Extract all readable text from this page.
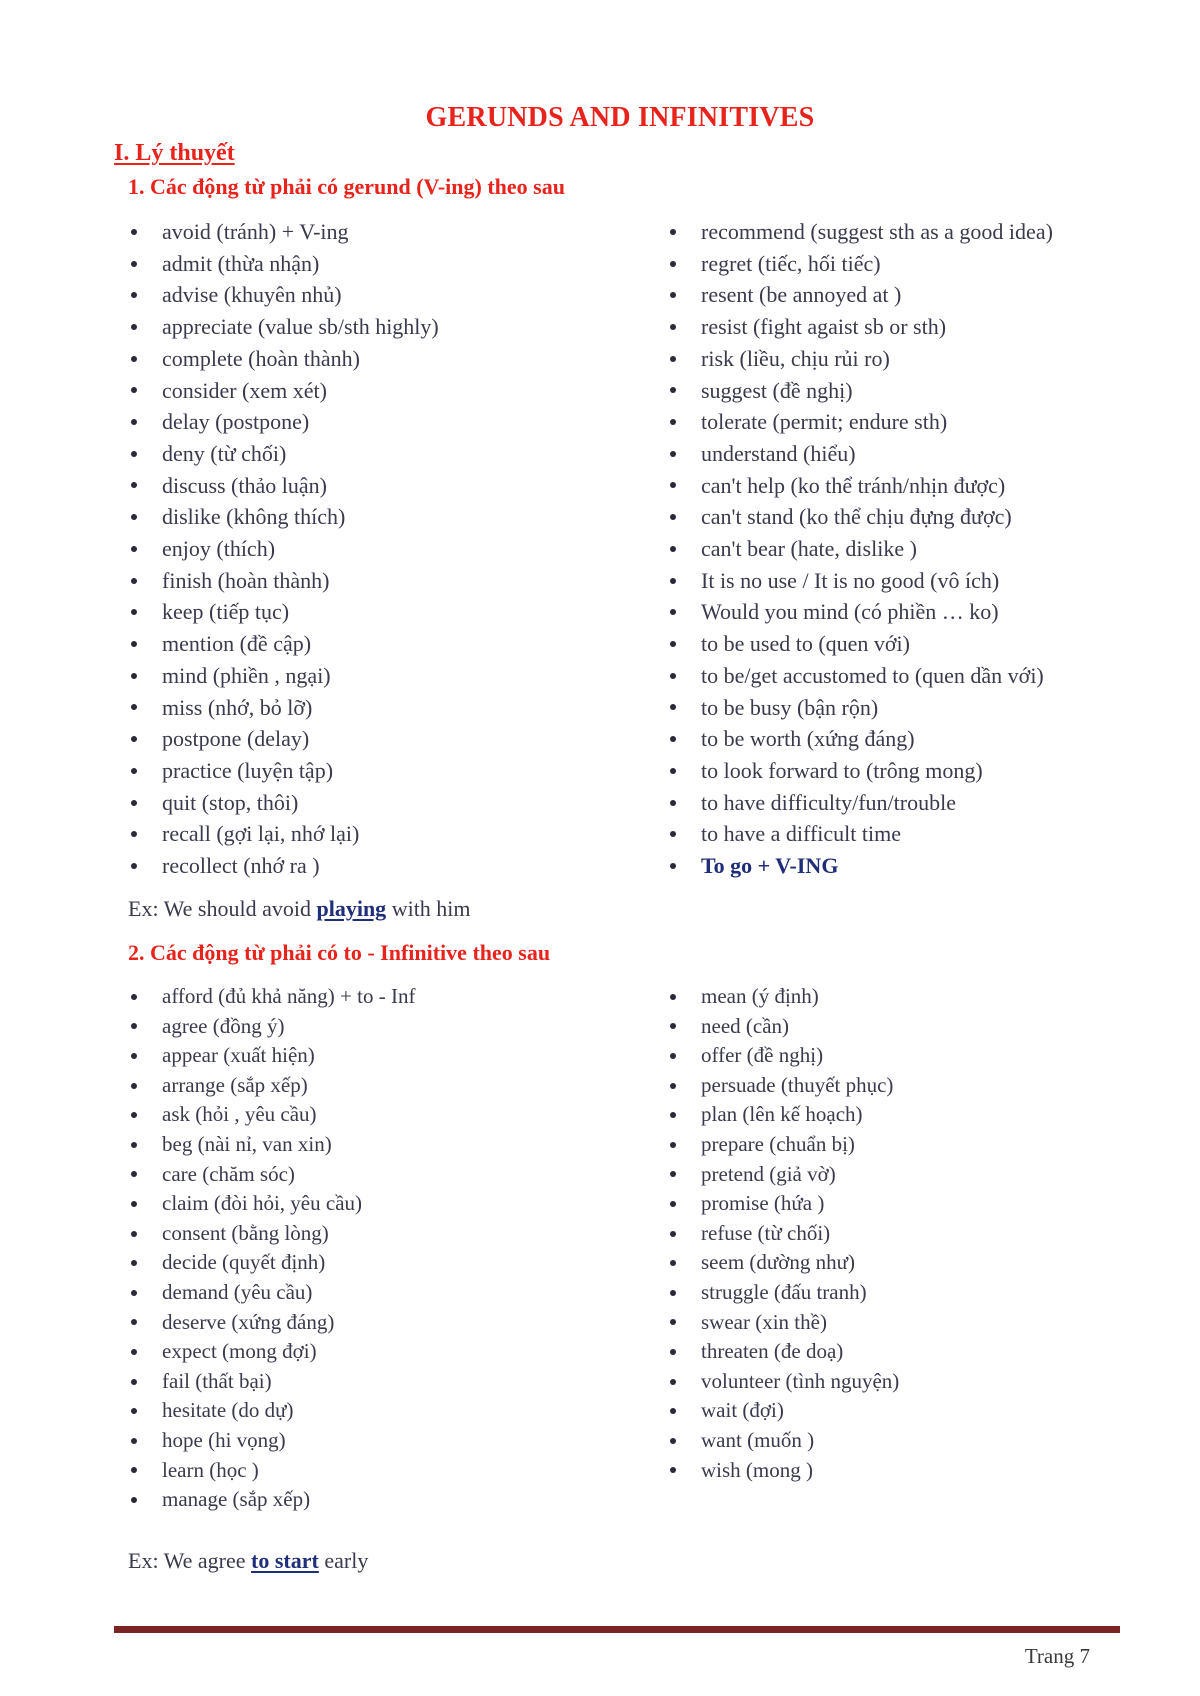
GERUNDS AND INFINITIVES
I. Lý thuyết
1. Các động từ phải có gerund (V-ing) theo sau
avoid (tránh) + V-ing
admit (thừa nhận)
advise (khuyên nhủ)
appreciate (value sb/sth highly)
complete (hoàn thành)
consider (xem xét)
delay (postpone)
deny (từ chối)
discuss (thảo luận)
dislike (không thích)
enjoy (thích)
finish (hoàn thành)
keep (tiếp tục)
mention (đề cập)
mind (phiền , ngại)
miss (nhớ, bỏ lỡ)
postpone (delay)
practice (luyện tập)
quit (stop, thôi)
recall (gợi lại, nhớ lại)
recollect (nhớ ra )
recommend (suggest sth as a good idea)
regret (tiếc, hối tiếc)
resent (be annoyed at )
resist (fight agaist sb or sth)
risk (liều, chịu rủi ro)
suggest (đề nghị)
tolerate (permit; endure sth)
understand (hiểu)
can't help (ko thể tránh/nhịn được)
can't stand (ko thể chịu đựng được)
can't bear (hate, dislike )
It is no use / It is no good (vô ích)
Would you mind (có phiền … ko)
to be used to (quen với)
to be/get accustomed to (quen dần với)
to be busy (bận rộn)
to be worth (xứng đáng)
to look forward to (trông mong)
to have difficulty/fun/trouble
to have a difficult time
To go + V-ING
Ex: We should avoid playing with him
2. Các động từ phải có to - Infinitive theo sau
afford (đủ khả năng) + to - Inf
agree (đồng ý)
appear (xuất hiện)
arrange (sắp xếp)
ask (hỏi , yêu cầu)
beg (nài nỉ, van xin)
care (chăm sóc)
claim (đòi hỏi, yêu cầu)
consent (bằng lòng)
decide (quyết định)
demand (yêu cầu)
deserve (xứng đáng)
expect (mong đợi)
fail (thất bại)
hesitate (do dự)
hope (hi vọng)
learn (học )
manage (sắp xếp)
mean (ý định)
need (cần)
offer (đề nghị)
persuade (thuyết phục)
plan (lên kế hoạch)
prepare (chuẩn bị)
pretend (giả vờ)
promise (hứa )
refuse (từ chối)
seem (dường như)
struggle (đấu tranh)
swear (xin thề)
threaten (đe doạ)
volunteer (tình nguyện)
wait (đợi)
want (muốn )
wish (mong )
Ex: We agree to start early
Trang 7
